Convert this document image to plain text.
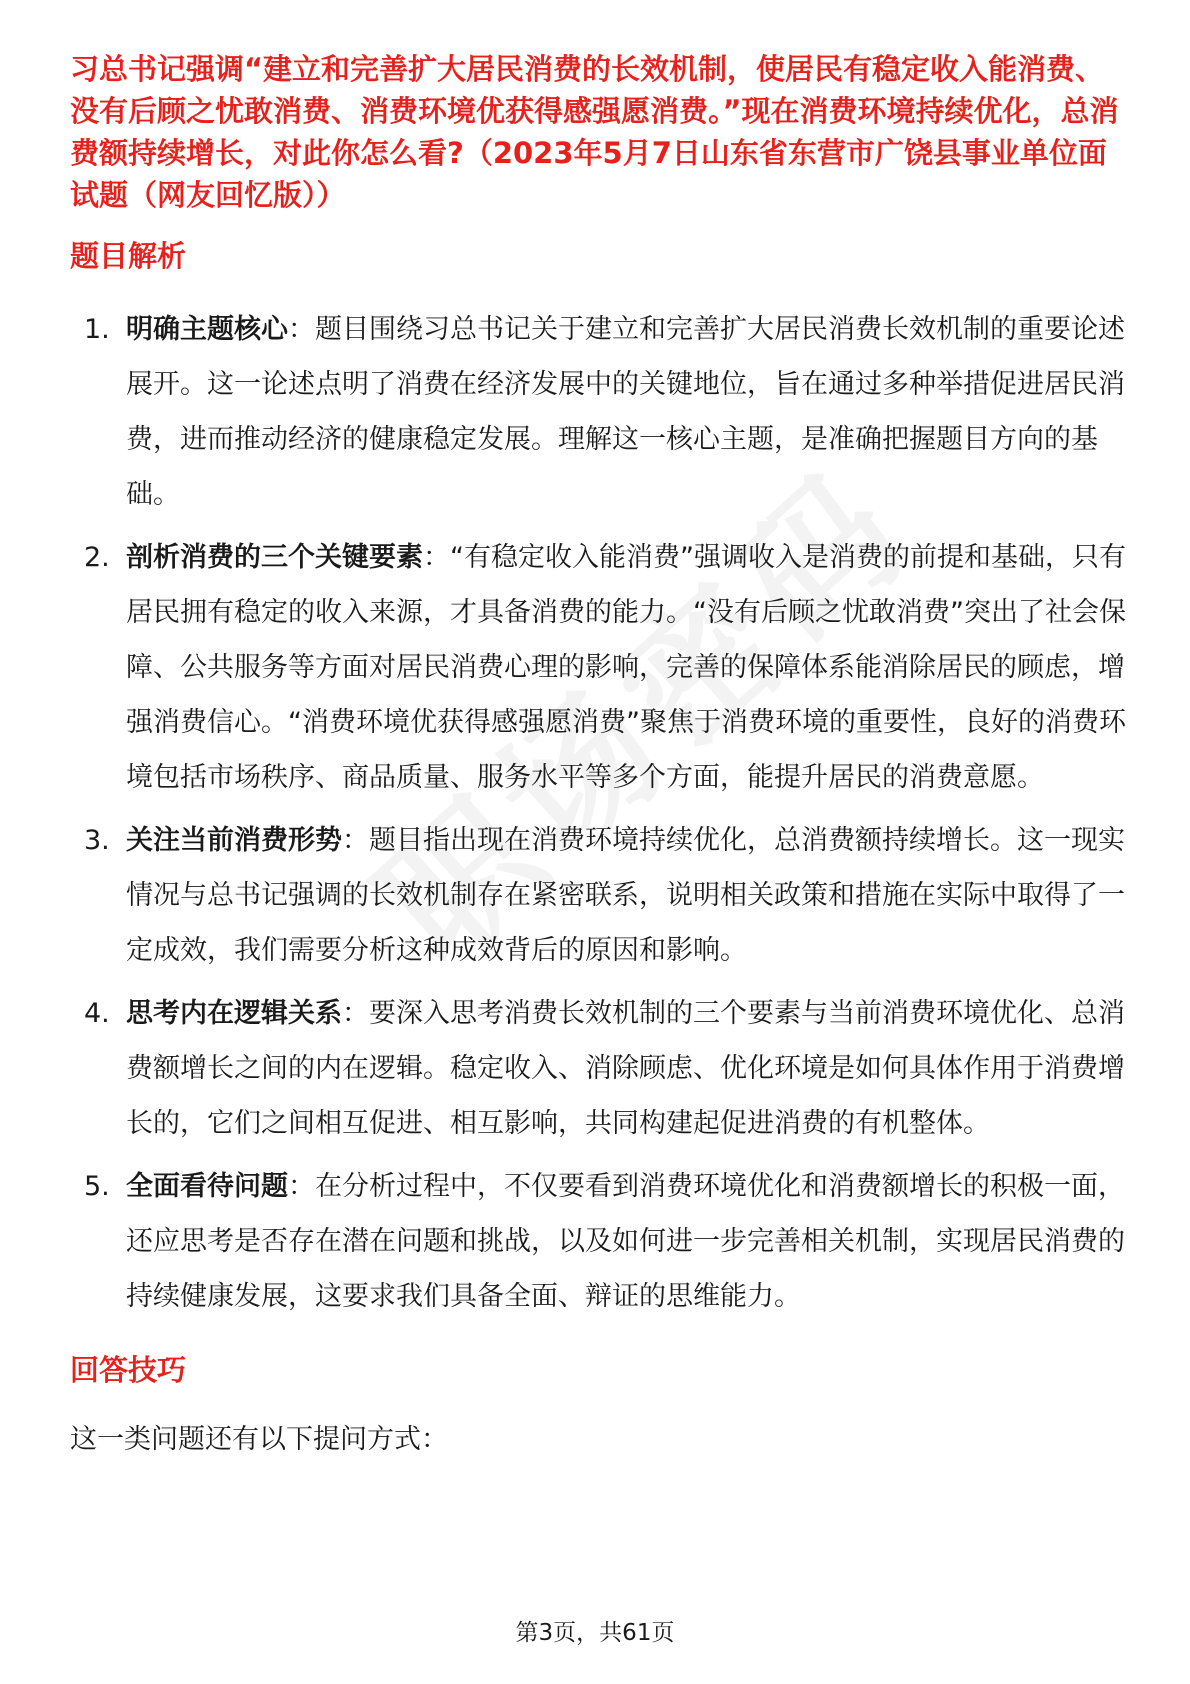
习总书记强调“建立和完善扩大居民消费的长效机制，使居民有稳定收入能消费、没有后顾之忧敢消费、消费环境优获得感强愿消费。”现在消费环境持续优化，总消费额持续增长，对此你怎么看?（2023年5月7日山东省东营市广饶县事业单位面试题（网友回忆版））

题目解析
1. 明确主题核心：题目围绕习总书记关于建立和完善扩大居民消费长效机制的重要论述展开。这一论述点明了消费在经济发展中的关键地位，旨在通过多种举措促进居民消费，进而推动经济的健康稳定发展。理解这一核心主题，是准确把握题目方向的基础。

2. 剖析消费的三个关键要素：“有稳定收入能消费”强调收入是消费的前提和基础，只有居民拥有稳定的收入来源，才具备消费的能力。“没有后顾之忧敢消费”突出了社会保障、公共服务等方面对居民消费心理的影响，完善的保障体系能消除居民的顾虑，增强消费信心。“消费环境优获得感强愿消费”聚焦于消费环境的重要性，良好的消费环境包括市场秩序、商品质量、服务水平等多个方面，能提升居民的消费意愿。

3. 关注当前消费形势：题目指出现在消费环境持续优化，总消费额持续增长。这一现实情况与总书记强调的长效机制存在紧密联系，说明相关政策和措施在实际中取得了一定成效，我们需要分析这种成效背后的原因和影响。

4. 思考内在逻辑关系：要深入思考消费长效机制的三个要素与当前消费环境优化、总消费额增长之间的内在逻辑。稳定收入、消除顾虑、优化环境是如何具体作用于消费增长的，它们之间相互促进、相互影响，共同构建起促进消费的有机整体。

5. 全面看待问题：在分析过程中，不仅要看到消费环境优化和消费额增长的积极一面，还应思考是否存在潜在问题和挑战，以及如何进一步完善相关机制，实现居民消费的持续健康发展，这要求我们具备全面、辩证的思维能力。

回答技巧

这一类问题还有以下提问方式：

第3页，共61页
